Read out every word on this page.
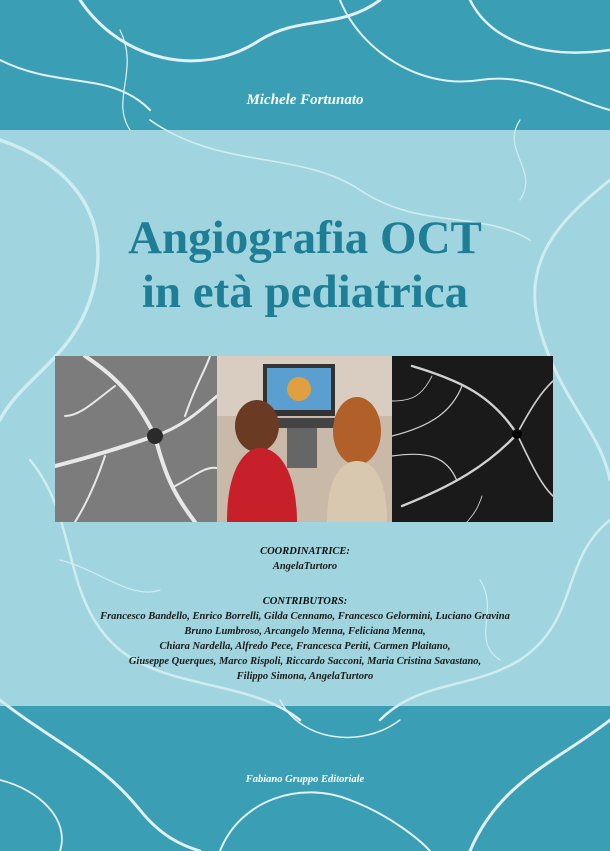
Michele Fortunato
Angiografia OCT
in età pediatrica
COORDINATRICE:
AngelaTurtoro
CONTRIBUTORS:
Francesco Bandello, Enrico Borrelli, Gilda Cennamo, Francesco Gelormini, Luciano Gravina
Bruno Lumbroso, Arcangelo Menna, Feliciana Menna,
Chiara Nardella, Alfredo Pece, Francesca Periti, Carmen Plaitano,
Giuseppe Querques, Marco Rispoli, Riccardo Sacconi, Maria Cristina Savastano,
Filippo Simona, AngelaTurtoro
Fabiano Gruppo Editoriale
